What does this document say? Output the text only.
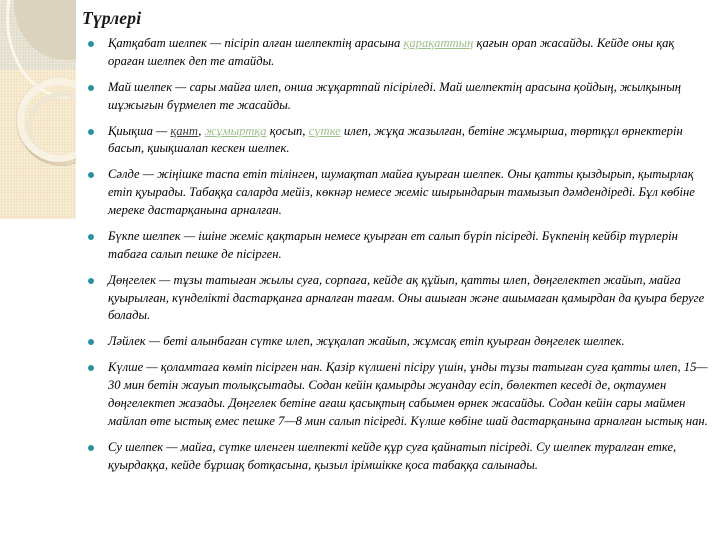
Түрлері
Қатқабат шелпек — пісіріп алған шелпектің арасына қарақаттың қағын орап жасайды. Кейде оны қақ ораған шелпек деп те атайды.
Май шелпек — сары майға илеп, онша жұқартпай пісіріледі. Май шелпектің арасына қойдың, жылқының шұжығын бүрмелеп те жасайды.
Қиықша — қант, жұмыртқа қосып, сүтке илеп, жұқа жазылған, бетіне жұмырша, төртқұл өрнектерін басып, қиықшалап кескен шелпек.
Сәлде — жіңішке таспа етіп тілінген, шумақтап майға қуырған шелпек. Оны қатты қыздырып, қытырлақ етіп қуырады. Табаққа саларда мейіз, көкнәр немесе жеміс шырындарын тамызып дәмдендіреді. Бұл көбіне мереке дастарқанына арналған.
Бүкпе шелпек — ішіне жеміс қақтарын немесе қуырған ет салып бүріп пісіреді. Бүкпенің кейбір түрлерін табаға салып пешке де пісірген.
Дөңгелек — тұзы татыған жылы суға, сорпаға, кейде ақ құйып, қатты илеп, дөңгелектеп жайып, майға қуырылған, күнделікті дастарқанға арналған тағам. Оны ашыған және ашымаған қамырдан да қуыра беруге болады.
Ләйлек — беті алынбаған сүтке илеп, жұқалап жайып, жұмсақ етіп қуырған дөңгелек шелпек.
Күлше — қоламтаға көміп пісірген нан. Қазір күлшені пісіру үшін, ұнды тұзы татыған суға қатты илеп, 15—30 мин бетін жауып толықсытады. Содан кейін қамырды жуандау есіп, бөлектеп кеседі де, оқтаумен дөңгелектеп жазады. Дөңгелек бетіне ағаш қасықтың сабымен өрнек жасайды. Содан кейін сары маймен майлап өте ыстық емес пешке 7—8 мин салып пісіреді. Күлше көбіне шай дастарқанына арналған ыстық нан.
Су шелпек — майға, сүтке иленген шелпекті кейде құр суға қайнатып пісіреді. Су шелпек туралған етке, қуырдаққа, кейде бұршақ ботқасына, қызыл ірімшікке қоса табаққа салынады.
